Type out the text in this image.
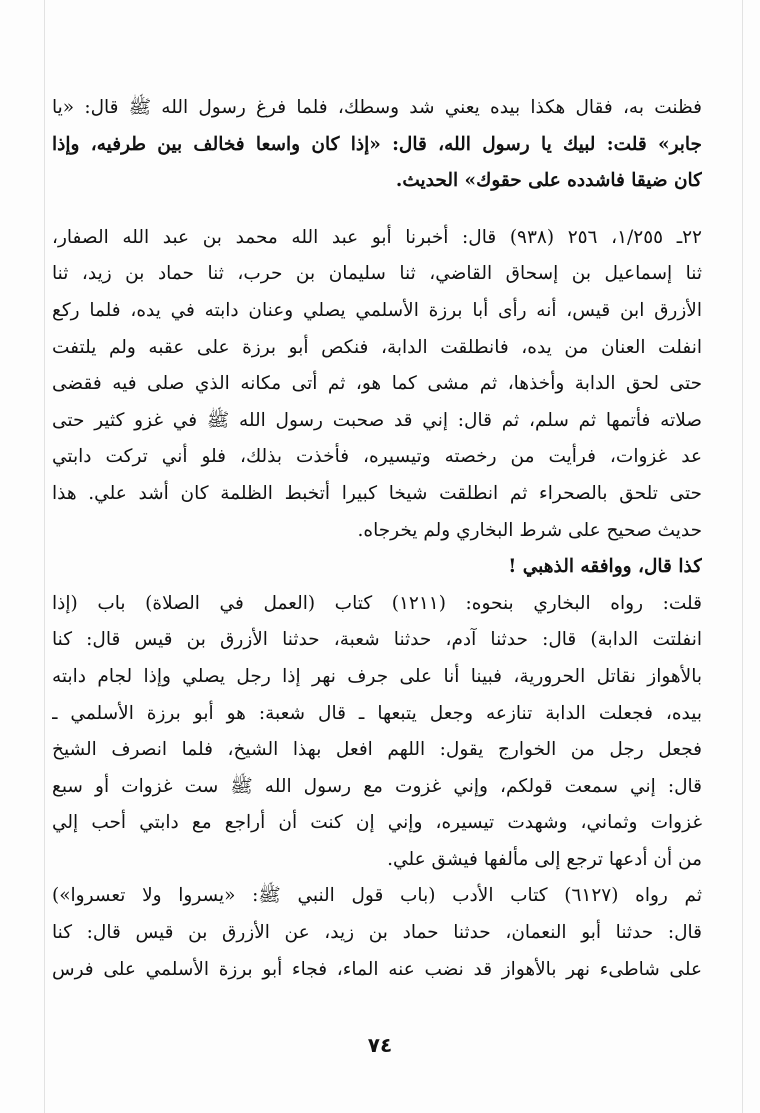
فظنت به، فقال هكذا بيده يعني شد وسطك، فلما فرغ رسول الله ﷺ قال: «يا
جابر» قلت: لبيك يا رسول الله، قال: «إذا كان واسعا فخالف بين طرفيه، وإذا
كان ضيقا فاشدده على حقوك» الحديث.
٢٢ـ ١/٢٥٥، ٢٥٦ (٩٣٨) قال: أخبرنا أبو عبد الله محمد بن عبد الله الصفار،
ثنا إسماعيل بن إسحاق القاضي، ثنا سليمان بن حرب، ثنا حماد بن زيد، ثنا
الأزرق ابن قيس، أنه رأى أبا برزة الأسلمي يصلي وعنان دابته في يده، فلما ركع
انفلت العنان من يده، فانطلقت الدابة، فنكص أبو برزة على عقبه ولم يلتفت
حتى لحق الدابة وأخذها، ثم مشى كما هو، ثم أتى مكانه الذي صلى فيه فقضى
صلاته فأتمها ثم سلم، ثم قال: إني قد صحبت رسول الله ﷺ في غزو كثير حتى
عد غزوات، فرأيت من رخصته وتيسيره، فأخذت بذلك، فلو أني تركت دابتي
حتى تلحق بالصحراء ثم انطلقت شيخا كبيرا أتخبط الظلمة كان أشد علي. هذا
حديث صحيح على شرط البخاري ولم يخرجاه.
كذا قال، ووافقه الذهبي !
قلت: رواه البخاري بنحوه: (١٢١١) كتاب (العمل في الصلاة) باب (إذا
انفلتت الدابة) قال: حدثنا آدم، حدثنا شعبة، حدثنا الأزرق بن قيس قال: كنا
بالأهواز نقاتل الحرورية، فبينا أنا على جرف نهر إذا رجل يصلي وإذا لجام دابته
بيده، فجعلت الدابة تنازعه وجعل يتبعها ـ قال شعبة: هو أبو برزة الأسلمي ـ
فجعل رجل من الخوارج يقول: اللهم افعل بهذا الشيخ، فلما انصرف الشيخ
قال: إني سمعت قولكم، وإني غزوت مع رسول الله ﷺ ست غزوات أو سبع
غزوات وثماني، وشهدت تيسيره، وإني إن كنت أن أراجع مع دابتي أحب إلي
من أن أدعها ترجع إلى مألفها فيشق علي.
ثم رواه (٦١٢٧) كتاب الأدب (باب قول النبي ﷺ: «يسروا ولا تعسروا»)
قال: حدثنا أبو النعمان، حدثنا حماد بن زيد، عن الأزرق بن قيس قال: كنا
على شاطىء نهر بالأهواز قد نضب عنه الماء، فجاء أبو برزة الأسلمي على فرس
٧٤
